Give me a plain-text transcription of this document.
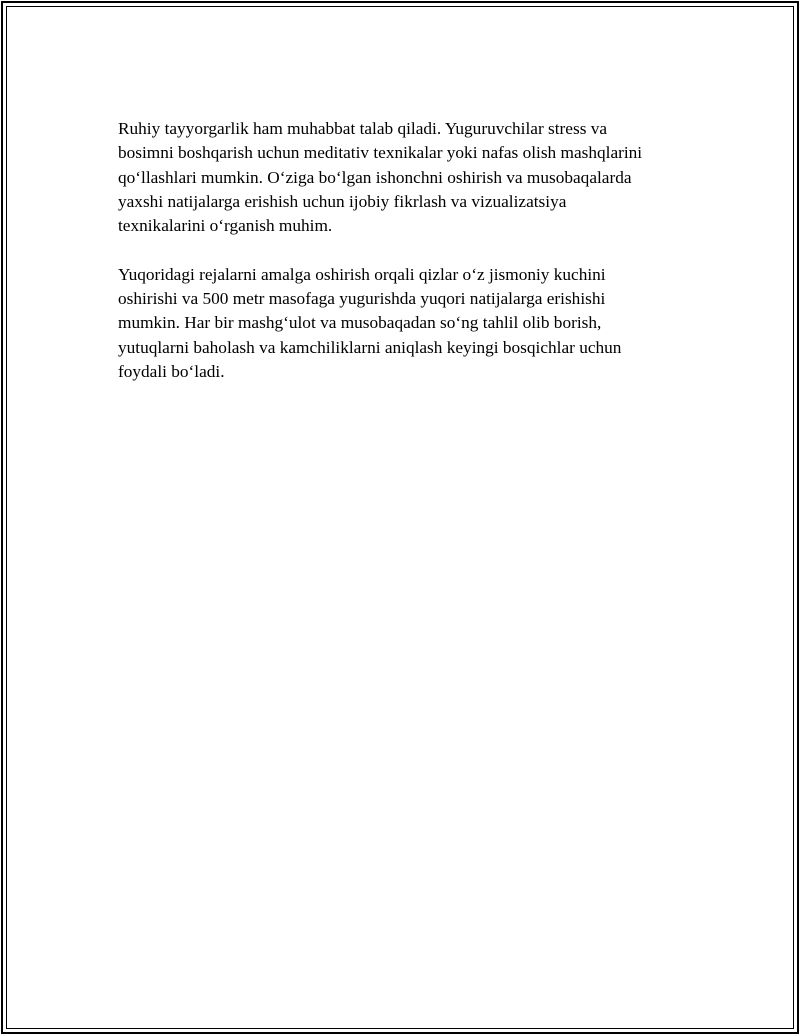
Ruhiy tayyorgarlik ham muhabbat talab qiladi. Yuguruvchilar stress va
bosimni boshqarish uchun meditativ texnikalar yoki nafas olish mashqlarini
qo‘llashlari mumkin. O‘ziga bo‘lgan ishonchni oshirish va musobaqalarda
yaxshi natijalarga erishish uchun ijobiy fikrlash va vizualizatsiya
texnikalarini o‘rganish muhim.

Yuqoridagi rejalarni amalga oshirish orqali qizlar o‘z jismoniy kuchini
oshirishi va 500 metr masofaga yugurishda yuqori natijalarga erishishi
mumkin. Har bir mashg‘ulot va musobaqadan so‘ng tahlil olib borish,
yutuqlarni baholash va kamchiliklarni aniqlash keyingi bosqichlar uchun
foydali bo‘ladi.
